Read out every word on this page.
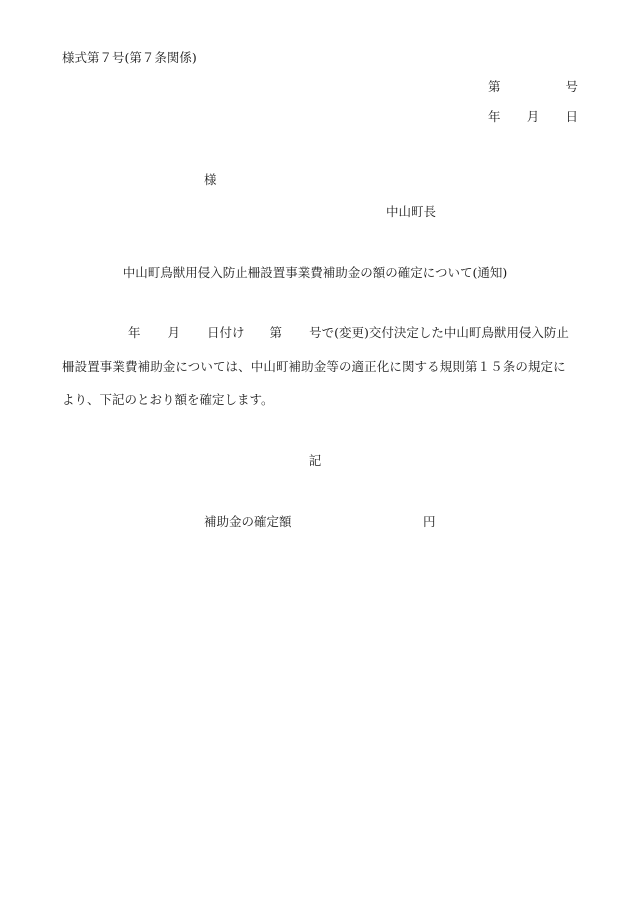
様式第７号(第７条関係)
第	号
年 月 日
様
中山町長
中山町鳥獣用侵入防止柵設置事業費補助金の額の確定について(通知)
年 月 日付け 第 号で(変更)交付決定した中山町鳥獣用侵入防止
柵設置事業費補助金については、中山町補助金等の適正化に関する規則第１５条の規定に
より、下記のとおり額を確定します。
記
補助金の確定額	円
